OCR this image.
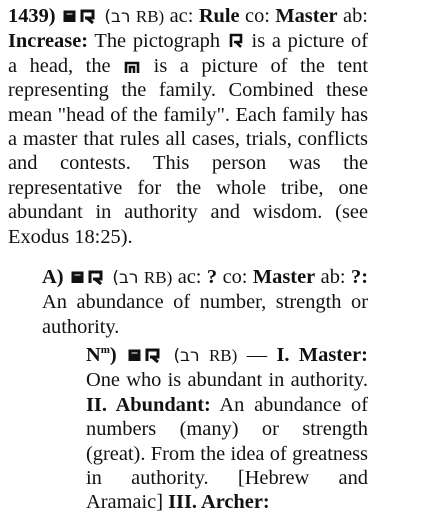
1439)	(רב RB) ac: Rule co: Master ab: Increase: The pictograph is a picture of a head, the is a picture of the tent representing the family. Combined these mean "head of the family". Each family has a master that rules all cases, trials, conflicts and contests. This person was the representative for the whole tribe, one abundant in authority and wisdom. (see Exodus 18:25).

A)	(רב RB) ac: ? co: Master ab: ?: An abundance of number, strength or authority.

$N^m$)	(רב RB) — I. Master: One who is abundant in authority. II. Abundant: An abundance of numbers (many) or strength (great). From the idea of greatness in authority. [Hebrew and Aramaic] III. Archer:
